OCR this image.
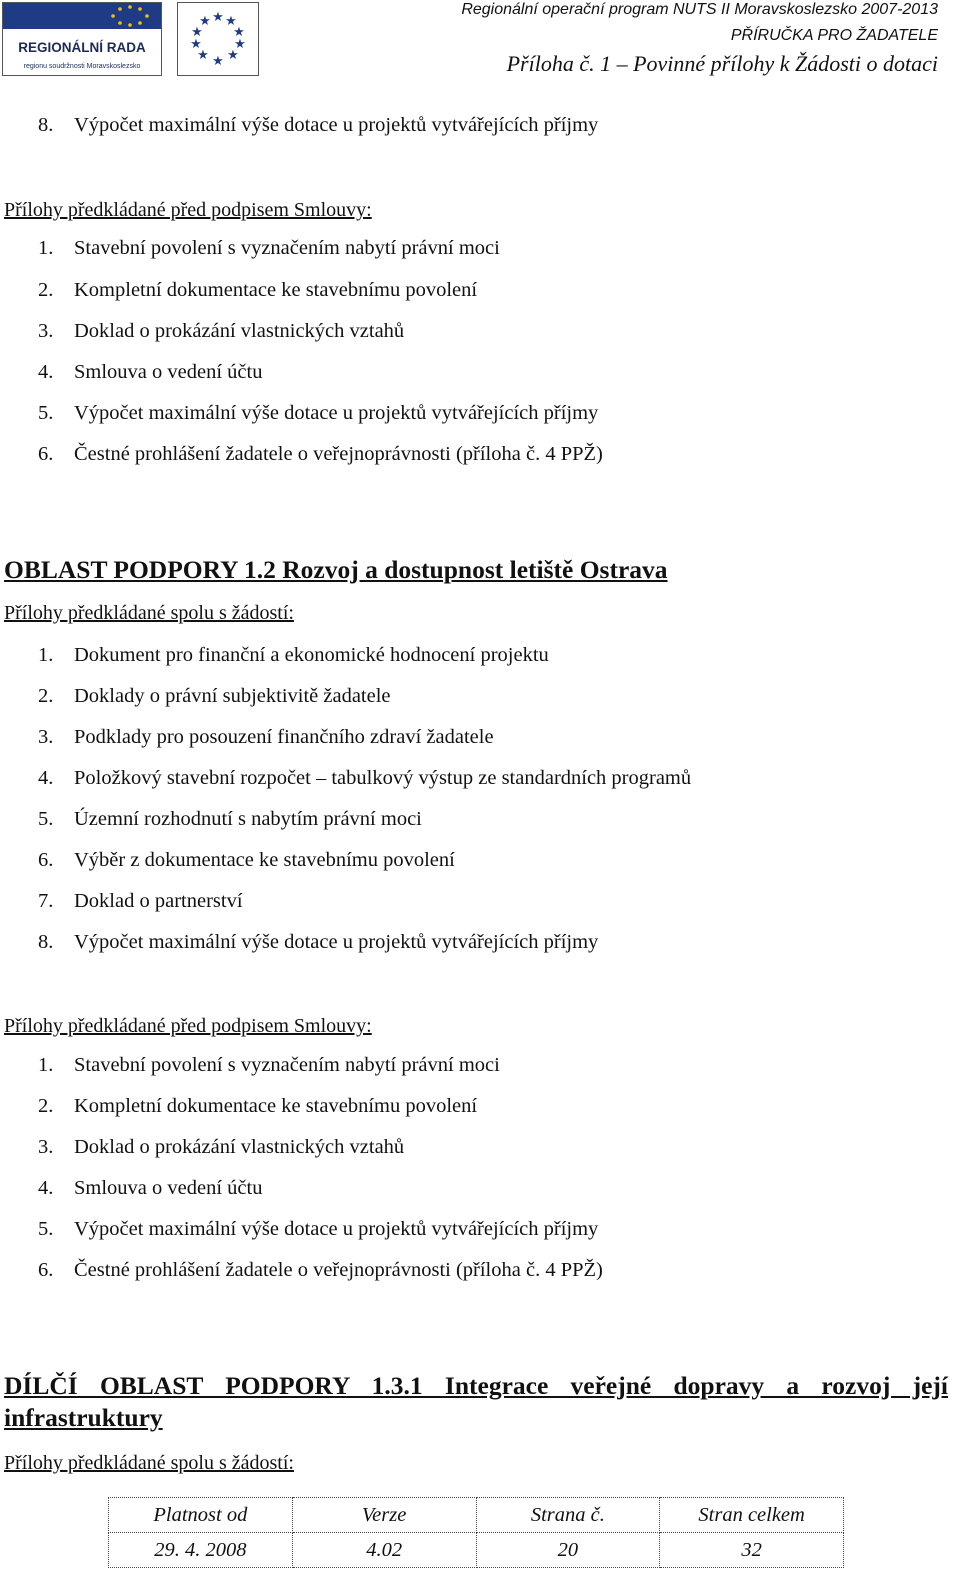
REGIONÁLNÍ RADA
regionu soudržnosti Moravskoslezsko
★ ★
★
★
★
★
★
★
★
★
Regionální operační program NUTS II Moravskoslezsko 2007-2013
PŘÍRUČKA PRO ŽADATELE
Příloha č. 1 – Povinné přílohy k Žádosti o dotaci
8. Výpočet maximální výše dotace u projektů vytvářejících příjmy
Přílohy předkládané před podpisem Smlouvy:
1. Stavební povolení s vyznačením nabytí právní moci
2. Kompletní dokumentace ke stavebnímu povolení
3. Doklad o prokázání vlastnických vztahů
4. Smlouva o vedení účtu
5. Výpočet maximální výše dotace u projektů vytvářejících příjmy
6. Čestné prohlášení žadatele o veřejnoprávnosti (příloha č. 4 PPŽ)
OBLAST PODPORY 1.2 Rozvoj a dostupnost letiště Ostrava
Přílohy předkládané spolu s žádostí:
1. Dokument pro finanční a ekonomické hodnocení projektu
2. Doklady o právní subjektivitě žadatele
3. Podklady pro posouzení finančního zdraví žadatele
4. Položkový stavební rozpočet – tabulkový výstup ze standardních programů
5. Územní rozhodnutí s nabytím právní moci
6. Výběr z dokumentace ke stavebnímu povolení
7. Doklad o partnerství
8. Výpočet maximální výše dotace u projektů vytvářejících příjmy
Přílohy předkládané před podpisem Smlouvy:
1. Stavební povolení s vyznačením nabytí právní moci
2. Kompletní dokumentace ke stavebnímu povolení
3. Doklad o prokázání vlastnických vztahů
4. Smlouva o vedení účtu
5. Výpočet maximální výše dotace u projektů vytvářejících příjmy
6. Čestné prohlášení žadatele o veřejnoprávnosti (příloha č. 4 PPŽ)
DÍLČÍ OBLAST PODPORY 1.3.1 Integrace veřejné dopravy a rozvoj její infrastruktury
Přílohy předkládané spolu s žádostí:
Platnost od	Verze	Strana č.	Stran celkem
29. 4. 2008	4.02	20	32
